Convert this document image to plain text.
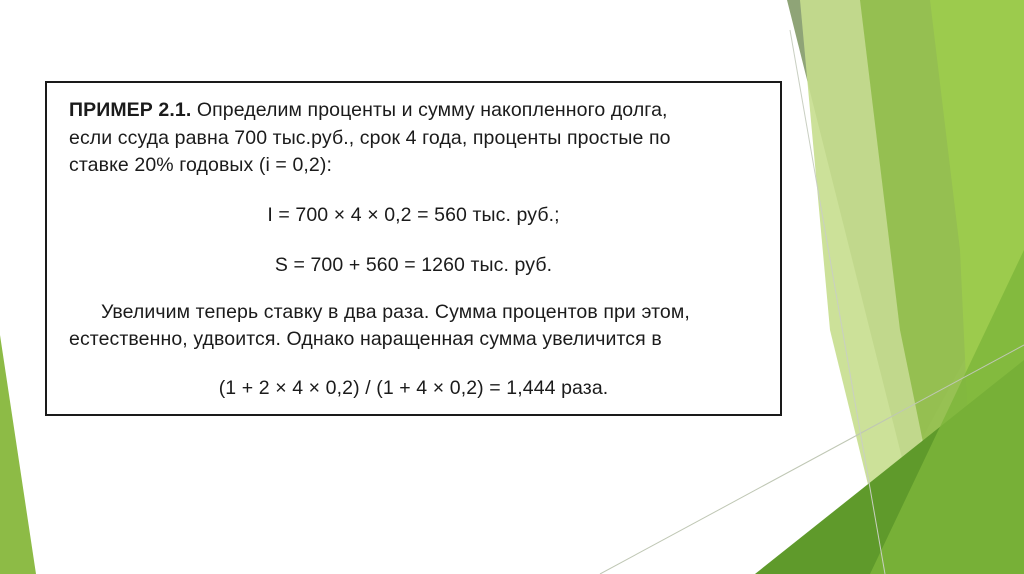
ПРИМЕР 2.1. Определим проценты и сумму накопленного долга,
если ссуда равна 700 тыс.руб., срок 4 года, проценты простые по
ставке 20% годовых (i = 0,2):
I = 700 × 4 × 0,2 = 560 тыс. руб.;
S = 700 + 560 = 1260 тыс. руб.
Увеличим теперь ставку в два раза. Сумма процентов при этом,
естественно, удвоится. Однако наращенная сумма увеличится в
(1 + 2 × 4 × 0,2) / (1 + 4 × 0,2) = 1,444 раза.
